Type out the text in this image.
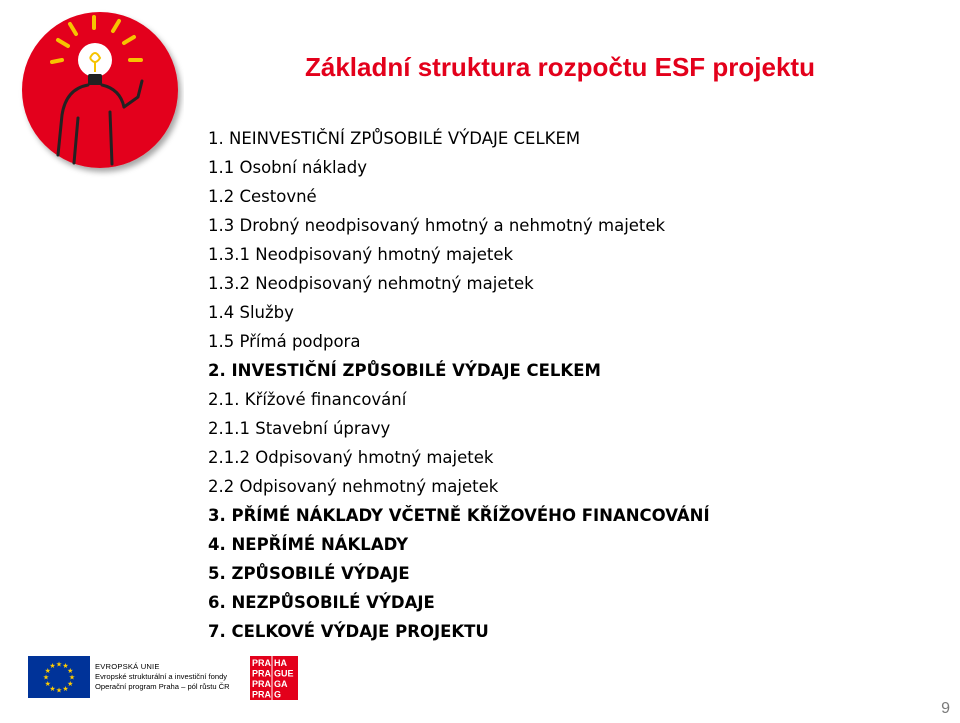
Základní struktura rozpočtu ESF projektu
1. NEINVESTIČNÍ ZPŮSOBILÉ VÝDAJE CELKEM
1.1 Osobní náklady
1.2 Cestovné
1.3 Drobný neodpisovaný hmotný a nehmotný majetek
1.3.1 Neodpisovaný hmotný majetek
1.3.2 Neodpisovaný nehmotný majetek
1.4 Služby
1.5 Přímá podpora
2. INVESTIČNÍ ZPŮSOBILÉ VÝDAJE CELKEM
2.1. Křížové financování
2.1.1 Stavební úpravy
2.1.2 Odpisovaný hmotný majetek
2.2 Odpisovaný nehmotný majetek
3. PŘÍMÉ NÁKLADY VČETNĚ KŘÍŽOVÉHO FINANCOVÁNÍ
4. NEPŘÍMÉ NÁKLADY
5. ZPŮSOBILÉ VÝDAJE
6. NEZPŮSOBILÉ VÝDAJE
7. CELKOVÉ VÝDAJE PROJEKTU
★
★
★
★
★
★
★
★
★ ★ ★
★	EVROPSKÁ UNIE
Evropské strukturální a investiční fondy
Operační program Praha – pól růstu ČR
PRA HA
PRA GUE
PRA GA
PRA G
9
